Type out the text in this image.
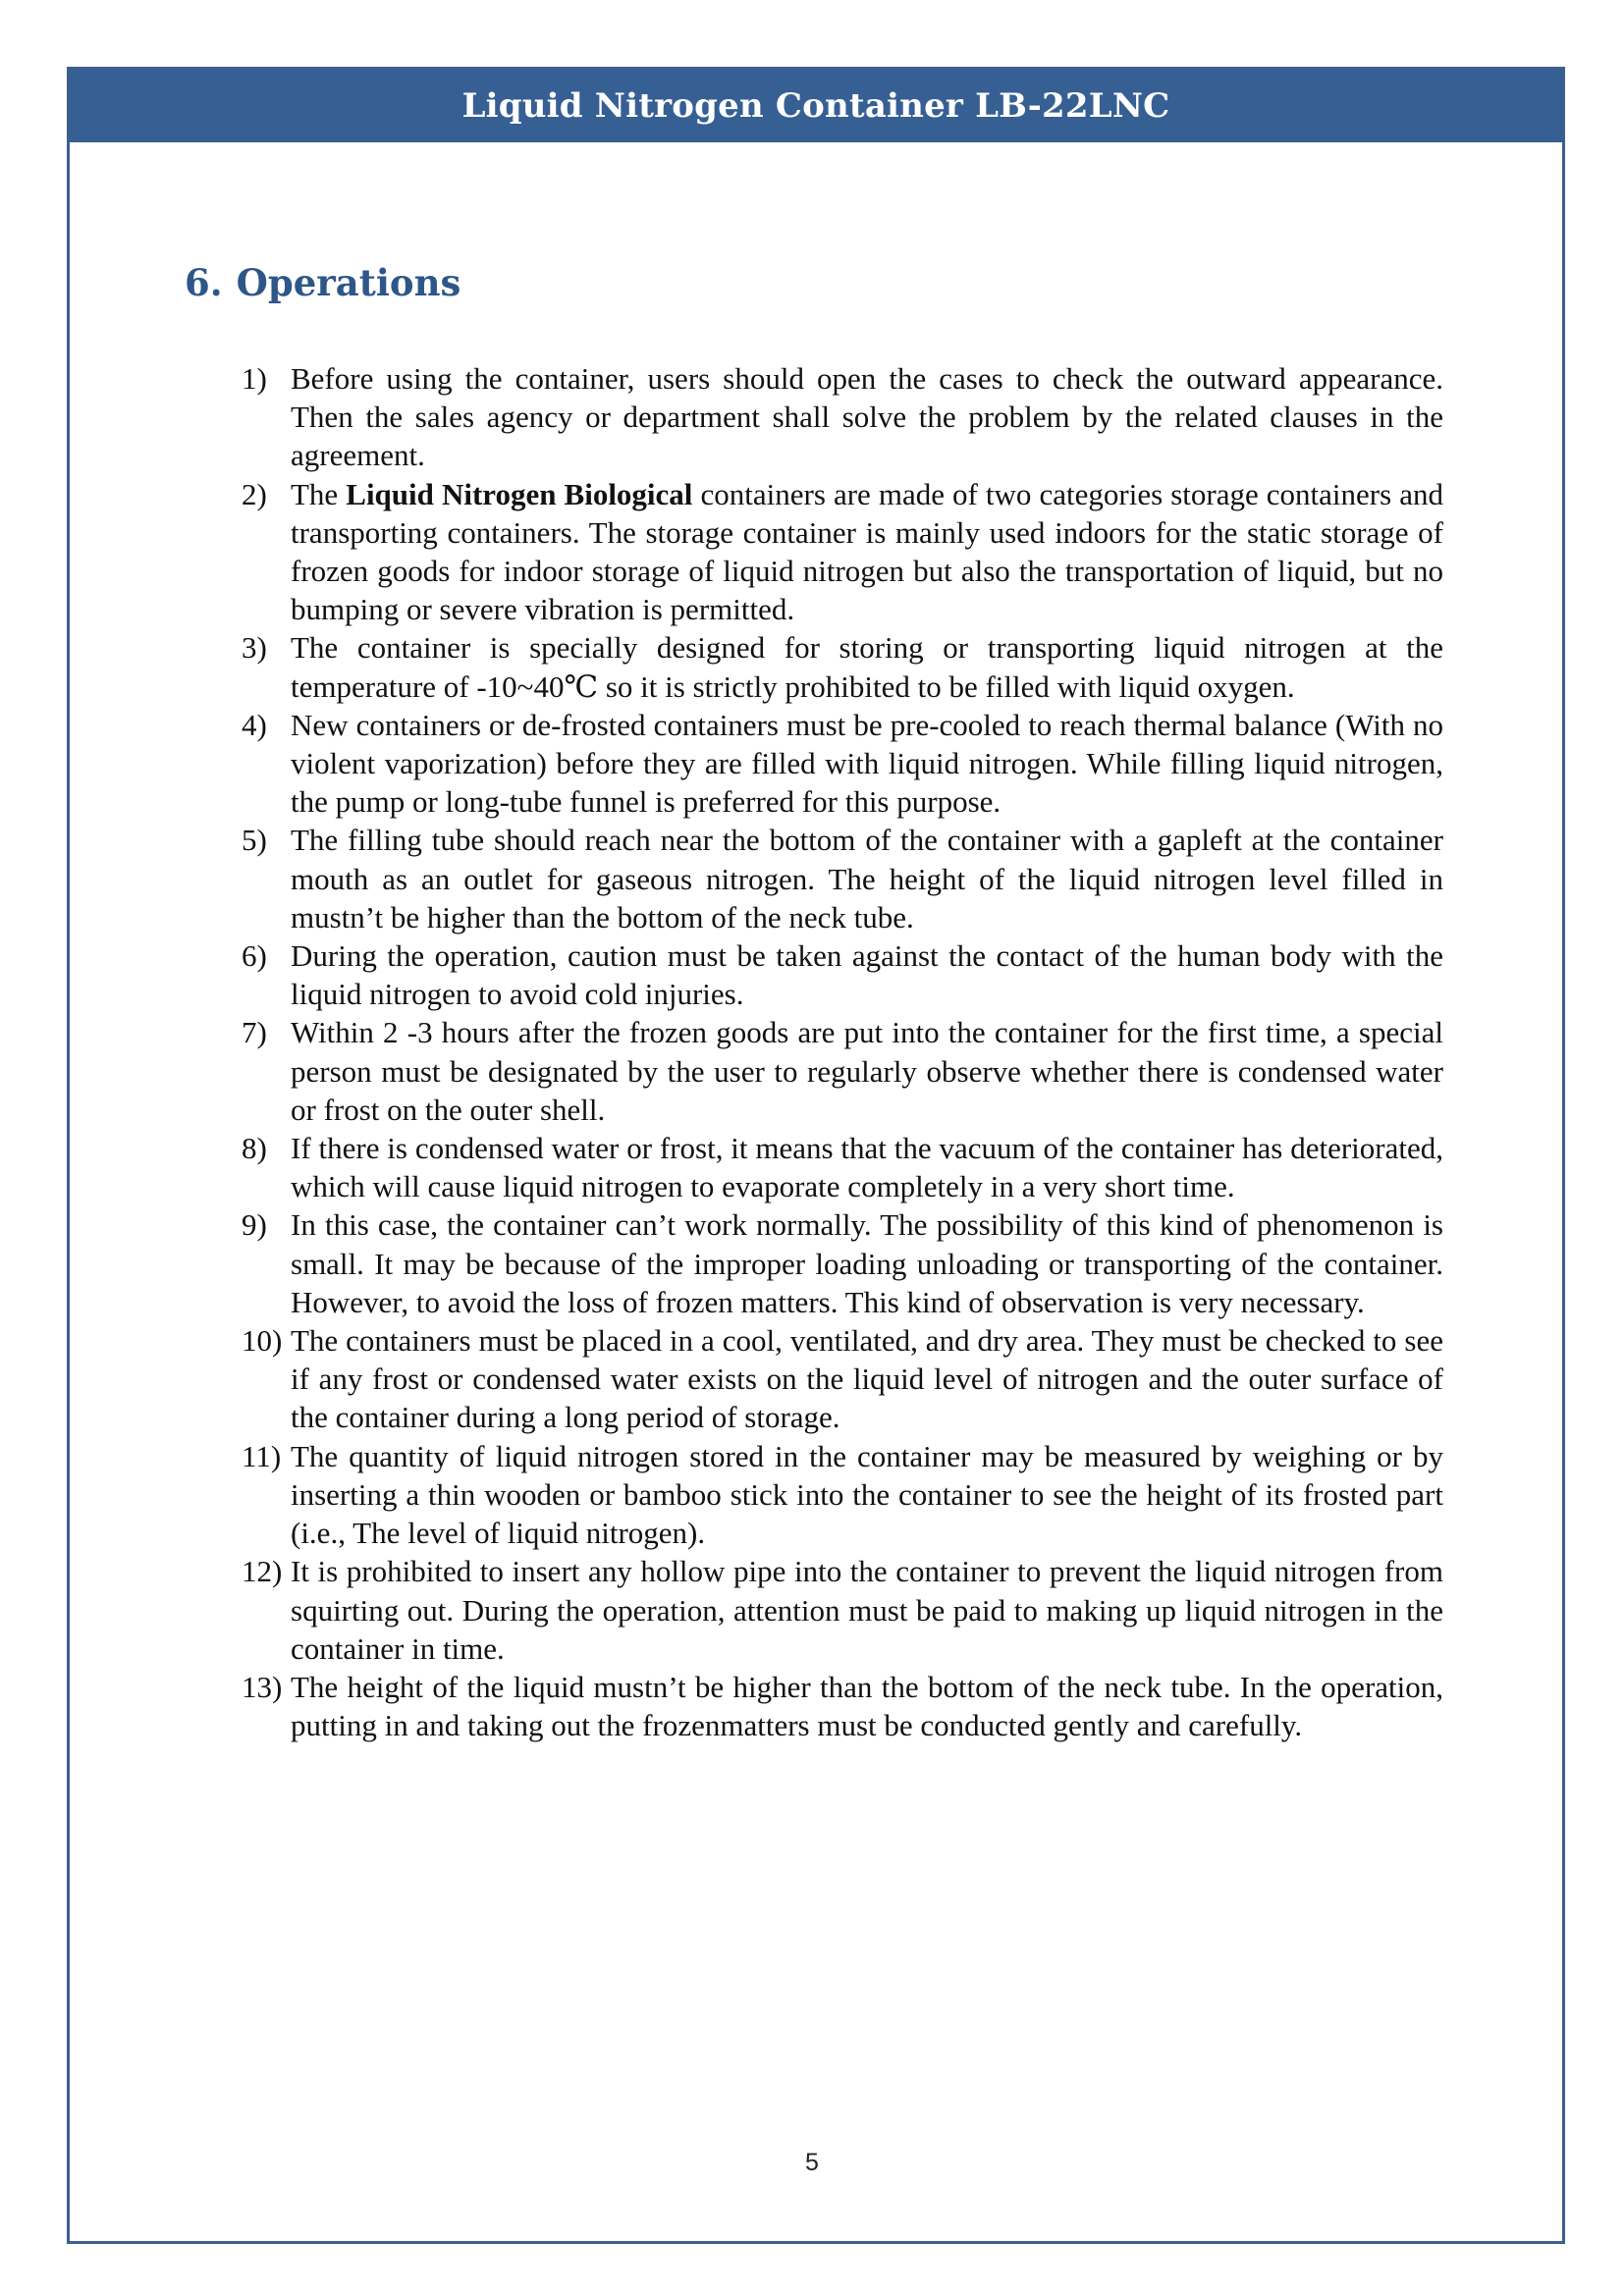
Liquid Nitrogen Container LB-22LNC
6. Operations
1) Before using the container, users should open the cases to check the outward appearance. Then the sales agency or department shall solve the problem by the related clauses in the agreement.
2) The Liquid Nitrogen Biological containers are made of two categories storage containers and transporting containers. The storage container is mainly used indoors for the static storage of frozen goods for indoor storage of liquid nitrogen but also the transportation of liquid, but no bumping or severe vibration is permitted.
3) The container is specially designed for storing or transporting liquid nitrogen at the temperature of -10~40℃ so it is strictly prohibited to be filled with liquid oxygen.
4) New containers or de-frosted containers must be pre-cooled to reach thermal balance (With no violent vaporization) before they are filled with liquid nitrogen. While filling liquid nitrogen, the pump or long-tube funnel is preferred for this purpose.
5) The filling tube should reach near the bottom of the container with a gapleft at the container mouth as an outlet for gaseous nitrogen. The height of the liquid nitrogen level filled in mustn’t be higher than the bottom of the neck tube.
6) During the operation, caution must be taken against the contact of the human body with the liquid nitrogen to avoid cold injuries.
7) Within 2 -3 hours after the frozen goods are put into the container for the first time, a special person must be designated by the user to regularly observe whether there is condensed water or frost on the outer shell.
8) If there is condensed water or frost, it means that the vacuum of the container has deteriorated, which will cause liquid nitrogen to evaporate completely in a very short time.
9) In this case, the container can’t work normally. The possibility of this kind of phenomenon is small. It may be because of the improper loading unloading or transporting of the container. However, to avoid the loss of frozen matters. This kind of observation is very necessary.
10) The containers must be placed in a cool, ventilated, and dry area. They must be checked to see if any frost or condensed water exists on the liquid level of nitrogen and the outer surface of the container during a long period of storage.
11) The quantity of liquid nitrogen stored in the container may be measured by weighing or by inserting a thin wooden or bamboo stick into the container to see the height of its frosted part (i.e., The level of liquid nitrogen).
12) It is prohibited to insert any hollow pipe into the container to prevent the liquid nitrogen from squirting out. During the operation, attention must be paid to making up liquid nitrogen in the container in time.
13) The height of the liquid mustn’t be higher than the bottom of the neck tube. In the operation, putting in and taking out the frozenmatters must be conducted gently and carefully.
5
